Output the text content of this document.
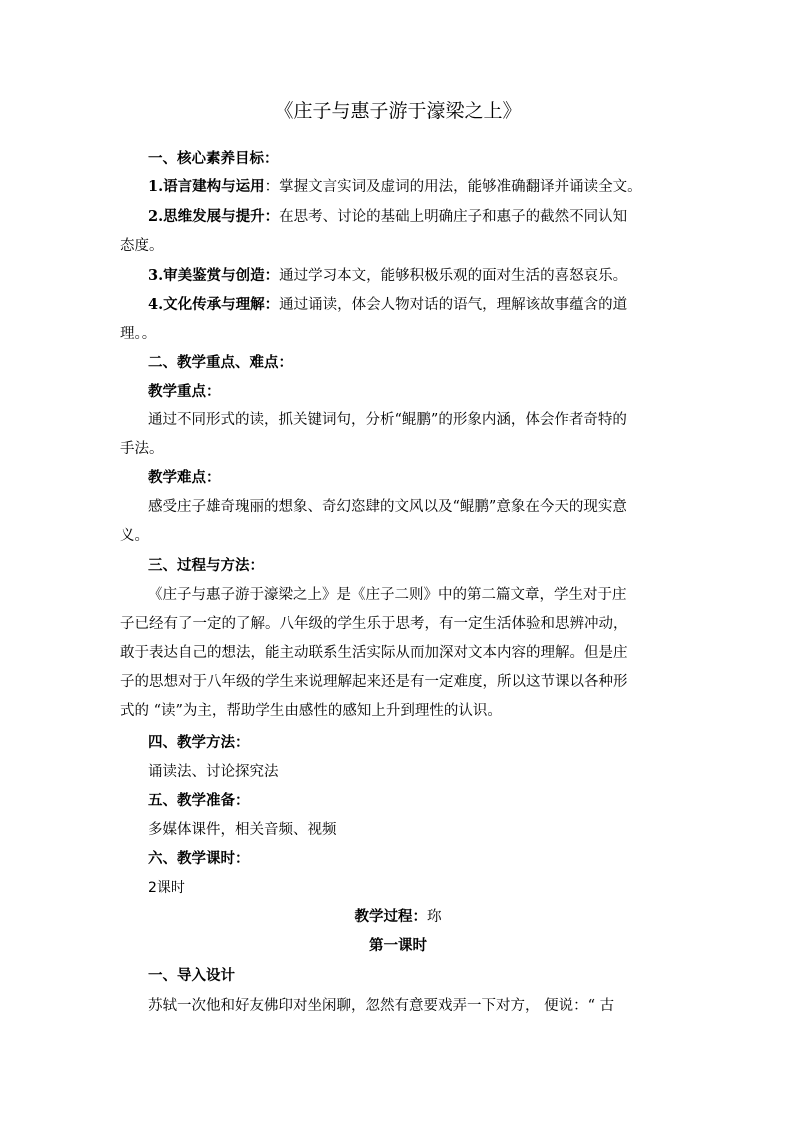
《庄子与惠子游于濠梁之上》
一、核心素养目标：
1.语言建构与运用：掌握文言实词及虚词的用法，能够准确翻译并诵读全文。
2.思维发展与提升：在思考、讨论的基础上明确庄子和惠子的截然不同认知
态度。
3.审美鉴赏与创造：通过学习本文，能够积极乐观的面对生活的喜怒哀乐。
4.文化传承与理解：通过诵读，体会人物对话的语气，理解该故事蕴含的道
理。。
二、教学重点、难点：
教学重点：
通过不同形式的读，抓关键词句，分析“鲲鹏”的形象内涵，体会作者奇特的
手法。
教学难点：
感受庄子雄奇瑰丽的想象、奇幻恣肆的文风以及“鲲鹏”意象在今天的现实意
义。
三、过程与方法：
《庄子与惠子游于濠梁之上》是《庄子二则》中的第二篇文章，学生对于庄
子已经有了一定的了解。八年级的学生乐于思考，有一定生活体验和思辨冲动，
敢于表达自己的想法，能主动联系生活实际从而加深对文本内容的理解。但是庄
子的思想对于八年级的学生来说理解起来还是有一定难度，所以这节课以各种形
式的 “读”为主，帮助学生由感性的感知上升到理性的认识。
四、教学方法：
诵读法、讨论探究法
五、教学准备：
多媒体课件，相关音频、视频
六、教学课时：
2课时
教学过程：珎
第一课时
一、导入设计
苏轼一次他和好友佛印对坐闲聊，忽然有意要戏弄一下对方， 便说：“ 古
